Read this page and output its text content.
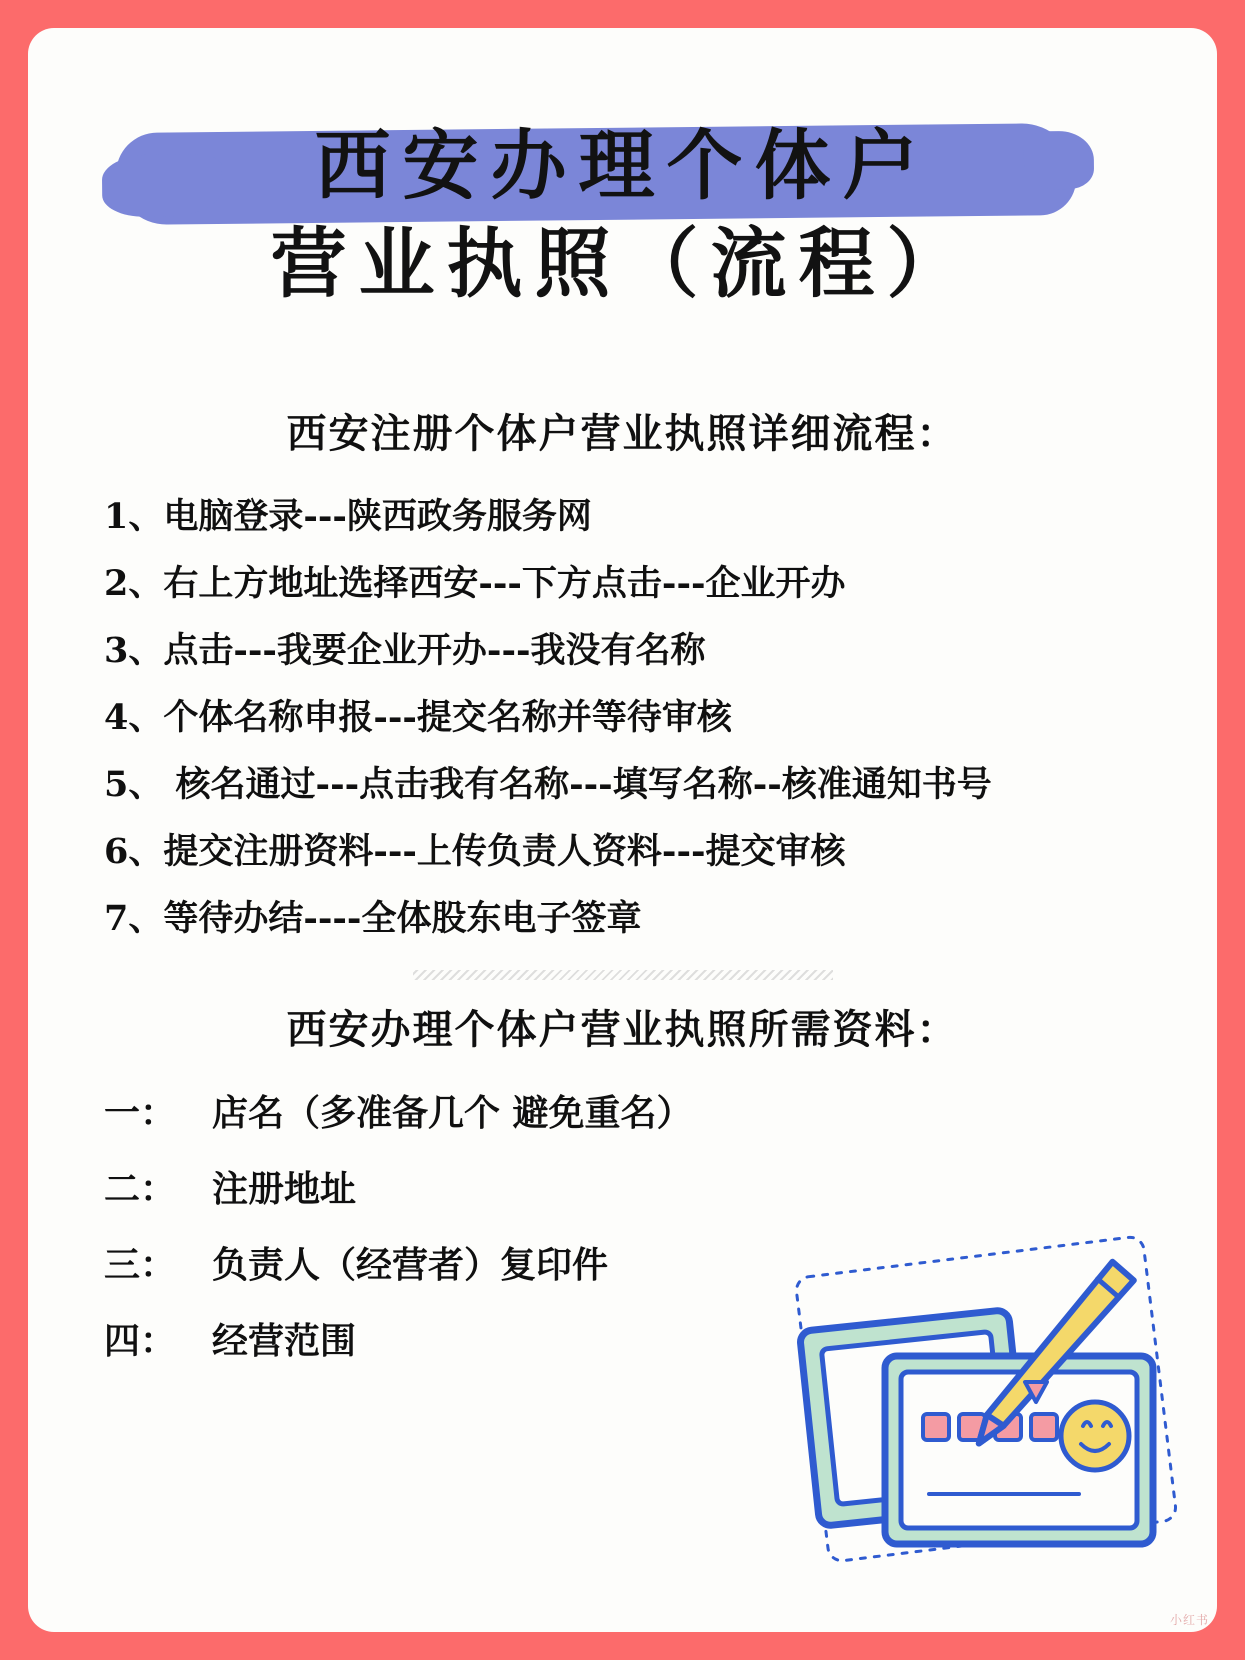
西安办理个体户
营业执照（流程）
西安注册个体户营业执照详细流程：
1、电脑登录---陕西政务服务网
2、右上方地址选择西安---下方点击---企业开办
3、点击---我要企业开办---我没有名称
4、个体名称申报---提交名称并等待审核
5、 核名通过---点击我有名称---填写名称--核准通知书号
6、提交注册资料---上传负责人资料---提交审核
7、等待办结----全体股东电子签章
西安办理个体户营业执照所需资料：
一： 店名（多准备几个 避免重名）
二： 注册地址
三： 负责人（经营者）复印件
四： 经营范围
小红书
